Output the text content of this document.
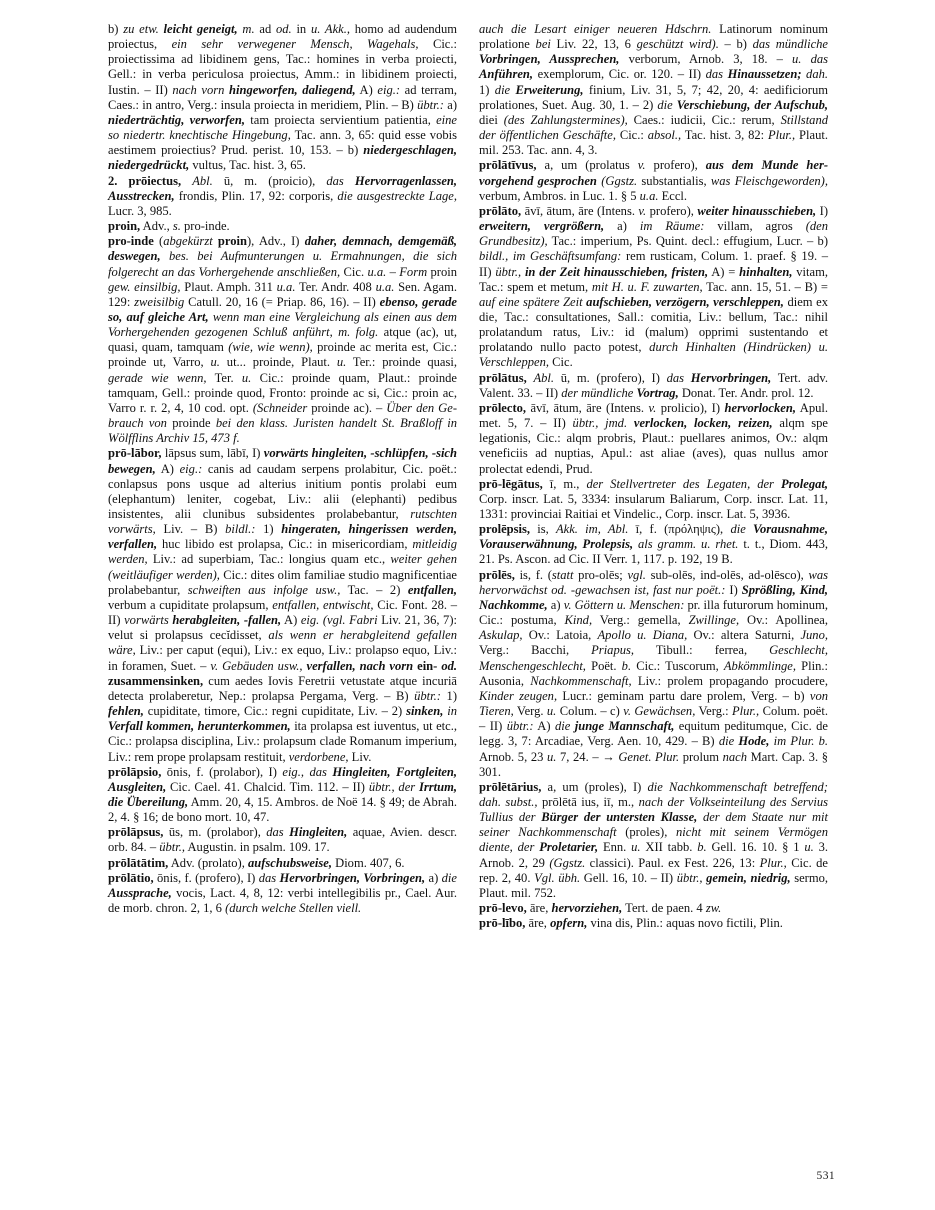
b) zu etw. leicht geneigt, m. ad od. in u. Akk., homo ad audendum proiectus, ein sehr verwegener Mensch, Wagehals, Cic.: proiectissima ad libidinem gens, Tac.: homines in verba proiecti, Gell.: in verba periculosa proiectus, Amm.: in libidinem proiecti, Iustin. – II) nach vorn hingeworfen, daliegend, A) eig.: ad terram, Caes.: in antro, Verg.: insula proiecta in meridiem, Plin. – B) übtr.: a) niederträchtig, verworfen, tam proiecta servientium patientia, eine so niedertr. knechtische Hingebung, Tac. ann. 3, 65: quid esse vobis aestimem proiectius? Prud. perist. 10, 153. – b) niedergeschlagen, niedergedrückt, vultus, Tac. hist. 3, 65.

2. prōiectus, Abl. ū, m. (proicio), das Hervorragenlassen, Ausstrecken, frondis, Plin. 17, 92: corporis, die ausgestreckte Lage, Lucr. 3, 985.

proin, Adv., s. pro-inde.

pro-inde (abgekürzt proin), Adv., I) daher, demnach, demgemäß, deswegen, bes. bei Aufmunterungen u. Ermahnungen, die sich folgerecht an das Vorhergehende anschließen, Cic. u.a. – Form proin gew. einsilbig, Plaut. Amph. 311 u.a. Ter. Andr. 408 u.a. Sen. Agam. 129: zweisilbig Catull. 20, 16 (= Priap. 86, 16). – II) ebenso, gerade so, auf gleiche Art, wenn man eine Vergleichung als einen aus dem Vorhergehenden gezogenen Schluß anführt, m. folg. atque (ac), ut, quasi, quam, tamquam (wie, wie wenn), proinde ac merita est, Cic.: proinde ut, Varro, u. ut... proinde, Plaut. u. Ter.: proinde quasi, gerade wie wenn, Ter. u. Cic.: proinde quam, Plaut.: proinde tamquam, Gell.: proinde quod, Fronto: proinde ac si, Cic.: proin ac, Varro r. r. 2, 4, 10 cod. opt. (Schneider proinde ac). – Über den Gebrauch von proinde bei den klass. Juristen handelt St. Braßloff in Wölfflins Archiv 15, 473 f.

prō-lābor, lāpsus sum, lābī, I) vorwärts hingleiten, -schlüpfen, -sich bewegen, A) eig.: canis ad caudam serpens prolabitur, Cic. poët.: conlapsus pons usque ad alterius initium pontis prolabi eum (elephantum) leniter, cogebat, Liv.: alii (elephanti) pedibus insistentes, alii clunibus subsidentes prolabebantur, rutschten vorwärts, Liv. – B) bildl.: 1) hingeraten, hingerissen werden, verfallen, huc libido est prolapsa, Cic.: in misericordiam, mitleidig werden, Liv.: ad superbiam, Tac.: longius quam etc., weiter gehen (weitläufiger werden), Cic.: dites olim familiae studio magnificentiae prolabebantur, schweiften aus infolge usw., Tac. – 2) entfallen, verbum a cupiditate prolapsum, entfallen, entwischt, Cic. Font. 28. – II) vorwärts herabgleiten, -fallen, A) eig. (vgl. Fabri Liv. 21, 36, 7): velut si prolapsus cecĭdisset, als wenn er herabgleitend gefallen wäre, Liv.: per caput (equi), Liv.: ex equo, Liv.: prolapso equo, Liv.: in foramen, Suet. – v. Gebäuden usw., verfallen, nach vorn ein- od. zusammensinken, cum aedes Iovis Feretrii vetustate atque incuriā detecta prolaberetur, Nep.: prolapsa Pergama, Verg. – B) übtr.: 1) fehlen, cupiditate, timore, Cic.: regni cupiditate, Liv. – 2) sinken, in Verfall kommen, herunterkommen, ita prolapsa est iuventus, ut etc., Cic.: prolapsa disciplina, Liv.: prolapsum clade Romanum imperium, Liv.: rem prope prolapsam restituit, verdorbene, Liv.

prōlāpsio, ōnis, f. (prolabor), I) eig., das Hingleiten, Fortgleiten, Ausgleiten, Cic. Cael. 41. Chalcid. Tim. 112. – II) übtr., der Irrtum, die Übereilung, Amm. 20, 4, 15. Ambros. de Noë 14. § 49; de Abrah. 2, 4. § 16; de bono mort. 10, 47.

prōlāpsus, ūs, m. (prolabor), das Hingleiten, aquae, Avien. descr. orb. 84. – übtr., Augustin. in psalm. 109. 17.

prōlātātim, Adv. (prolato), aufschubsweise, Diom. 407, 6.

prōlātio, ōnis, f. (profero), I) das Hervorbringen, Vorbringen, a) die Aussprache, vocis, Lact. 4, 8, 12: verbi intellegibilis pr., Cael. Aur. de morb. chron. 2, 1, 6 (durch welche Stellen viell.

auch die Lesart einiger neueren Hdschrn. Latinorum nominum prolatione bei Liv. 22, 13, 6 geschützt wird). – b) das mündliche Vorbringen, Aussprechen, verborum, Arnob. 3, 18. – u. das Anführen, exemplorum, Cic. or. 120. – II) das Hinaussetzen; dah. 1) die Erweiterung, finium, Liv. 31, 5, 7; 42, 20, 4: aedificiorum prolationes, Suet. Aug. 30, 1. – 2) die Verschiebung, der Aufschub, diei (des Zahlungstermines), Caes.: iudicii, Cic.: rerum, Stillstand der öffentlichen Geschäfte, Cic.: absol., Tac. hist. 3, 82: Plur., Plaut. mil. 253. Tac. ann. 4, 3.

prōlātīvus, a, um (prolatus v. profero), aus dem Munde hervorgehend gesprochen (Ggstz. substantialis, was Fleischgeworden), verbum, Ambros. in Luc. 1. § 5 u.a. Eccl.

prōlāto, āvī, ātum, āre (Intens. v. profero), weiter hinausschieben, I) erweitern, vergrößern, a) im Räume: villam, agros (den Grundbesitz), Tac.: imperium, Ps. Quint. decl.: effugium, Lucr. – b) bildl., im Geschäftsumfang: rem rusticam, Colum. 1. praef. § 19. – II) übtr., in der Zeit hinausschieben, fristen, A) = hinhalten, vitam, Tac.: spem et metum, mit H. u. F. zuwarten, Tac. ann. 15, 51. – B) = auf eine spätere Zeit aufschieben, verzögern, verschleppen, diem ex die, Tac.: consultationes, Sall.: comitia, Liv.: bellum, Tac.: nihil prolatandum ratus, Liv.: id (malum) opprimi sustentando et prolatando nullo pacto potest, durch Hinhalten (Hindrücken) u. Verschleppen, Cic.

prōlātus, Abl. ū, m. (profero), I) das Hervorbringen, Tert. adv. Valent. 33. – II) der mündliche Vortrag, Donat. Ter. Andr. prol. 12.

prōlecto, āvī, ātum, āre (Intens. v. prolicio), I) hervorlocken, Apul. met. 5, 7. – II) übtr., jmd. verlocken, locken, reizen, alqm spe legationis, Cic.: alqm probris, Plaut.: puellares animos, Ov.: alqm veneficiis ad nuptias, Apul.: ast aliae (aves), quas nullus amor prolectat edendi, Prud.

prō-lēgātus, ī, m., der Stellvertreter des Legaten, der Prolegat, Corp. inscr. Lat. 5, 3334: insularum Baliarum, Corp. inscr. Lat. 11, 1331: provinciai Raitiai et Vindelic., Corp. inscr. Lat. 5, 3936.

prolēpsis, is, Akk. im, Abl. ī, f. (πρόληψις), die Vorausnahme, Vorauserwähnung, Prolepsis, als gramm. u. rhet. t. t., Diom. 443, 21. Ps. Ascon. ad Cic. II Verr. 1, 117. p. 192, 19 B.

prōlēs, is, f. (statt pro-olēs; vgl. sub-olēs, ind-olēs, ad-olēsco), was hervorwächst od. -gewachsen ist, fast nur poët.: I) Sprößling, Kind, Nachkomme, a) v. Göttern u. Menschen: pr. illa futurorum hominum, Cic.: postuma, Kind, Verg.: gemella, Zwillinge, Ov.: Apollinea, Askulap, Ov.: Latoia, Apollo u. Diana, Ov.: altera Saturni, Juno, Verg.: Bacchi, Priapus, Tibull.: ferrea, Geschlecht, Menschengeschlecht, Poët. b. Cic.: Tuscorum, Abkömmlinge, Plin.: Ausonia, Nachkommenschaft, Liv.: prolem propagando procudere, Kinder zeugen, Lucr.: geminam partu dare prolem, Verg. – b) von Tieren, Verg. u. Colum. – c) v. Gewächsen, Verg.: Plur., Colum. poët. – II) übtr.: A) die junge Mannschaft, equitum peditumque, Cic. de legg. 3, 7: Arcadiae, Verg. Aen. 10, 429. – B) die Hode, im Plur. b. Arnob. 5, 23 u. 7, 24. – → Genet. Plur. prolum nach Mart. Cap. 3. § 301.

prōlētārius, a, um (proles), I) die Nachkommenschaft betreffend; dah. subst., prōlētā ius, iī, m., nach der Volkseinteilung des Servius Tullius der Bürger der untersten Klasse, der dem Staate nur mit seiner Nachkommenschaft (proles), nicht mit seinem Vermögen diente, der Proletarier, Enn. u. XII tabb. b. Gell. 16. 10. § 1 u. 3. Arnob. 2, 29 (Ggstz. classici). Paul. ex Fest. 226, 13: Plur., Cic. de rep. 2, 40. Vgl. übh. Gell. 16, 10. – II) übtr., gemein, niedrig, sermo, Plaut. mil. 752.

prō-levo, āre, hervorziehen, Tert. de paen. 4 zw.

prō-lībo, āre, opfern, vina dis, Plin.: aquas novo fictili, Plin.

531
